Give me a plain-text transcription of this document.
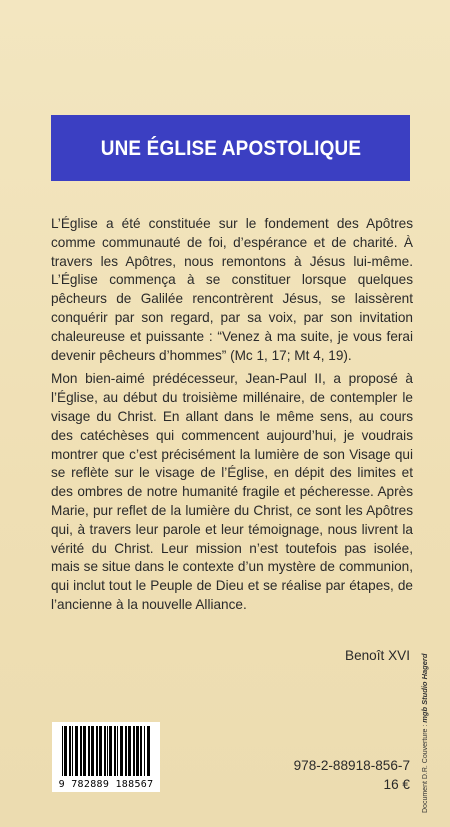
UNE ÉGLISE APOSTOLIQUE

L’Église a été constituée sur le fondement des Apôtres comme communauté de foi, d’espérance et de charité. À travers les Apôtres, nous remontons à Jésus lui-même. L’Église commença à se constituer lorsque quelques pêcheurs de Galilée rencontrèrent Jésus, se laissèrent conquérir par son regard, par sa voix, par son invitation chaleureuse et puissante : “Venez à ma suite, je vous ferai devenir pêcheurs d’hommes” (Mc 1, 17; Mt 4, 19).

Mon bien-aimé prédécesseur, Jean-Paul II, a proposé à l’Église, au début du troisième millénaire, de contempler le visage du Christ. En allant dans le même sens, au cours des catéchèses qui commencent aujourd’hui, je voudrais montrer que c’est précisément la lumière de son Visage qui se reflète sur le visage de l’Église, en dépit des limites et des ombres de notre humanité fragile et pécheresse. Après Marie, pur reflet de la lumière du Christ, ce sont les Apôtres qui, à travers leur parole et leur témoignage, nous livrent la vérité du Christ. Leur mission n’est toutefois pas isolée, mais se situe dans le contexte d’un mystère de communion, qui inclut tout le Peuple de Dieu et se réalise par étapes, de l’ancienne à la nouvelle Alliance.

Benoît XVI
9 782889 188567
978-2-88918-856-7
16 € Document D.R. Couverture : mgb Studio Hagerd
